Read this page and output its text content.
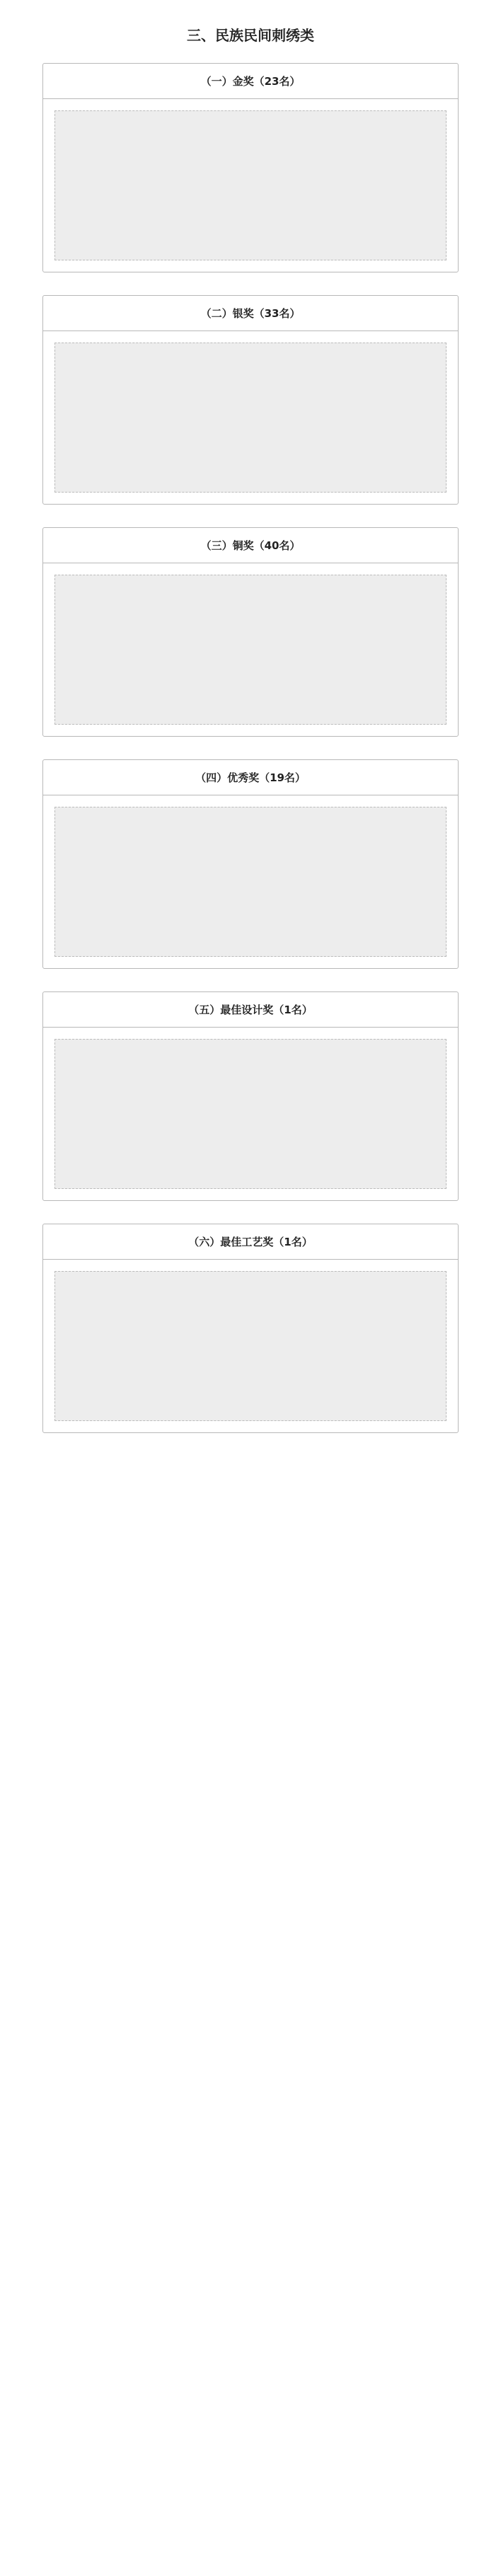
三、民族民间刺绣类
（一）金奖（23名）
（二）银奖（33名）
（三）铜奖（40名）
（四）优秀奖（19名）
（五）最佳设计奖（1名）
（六）最佳工艺奖（1名）
